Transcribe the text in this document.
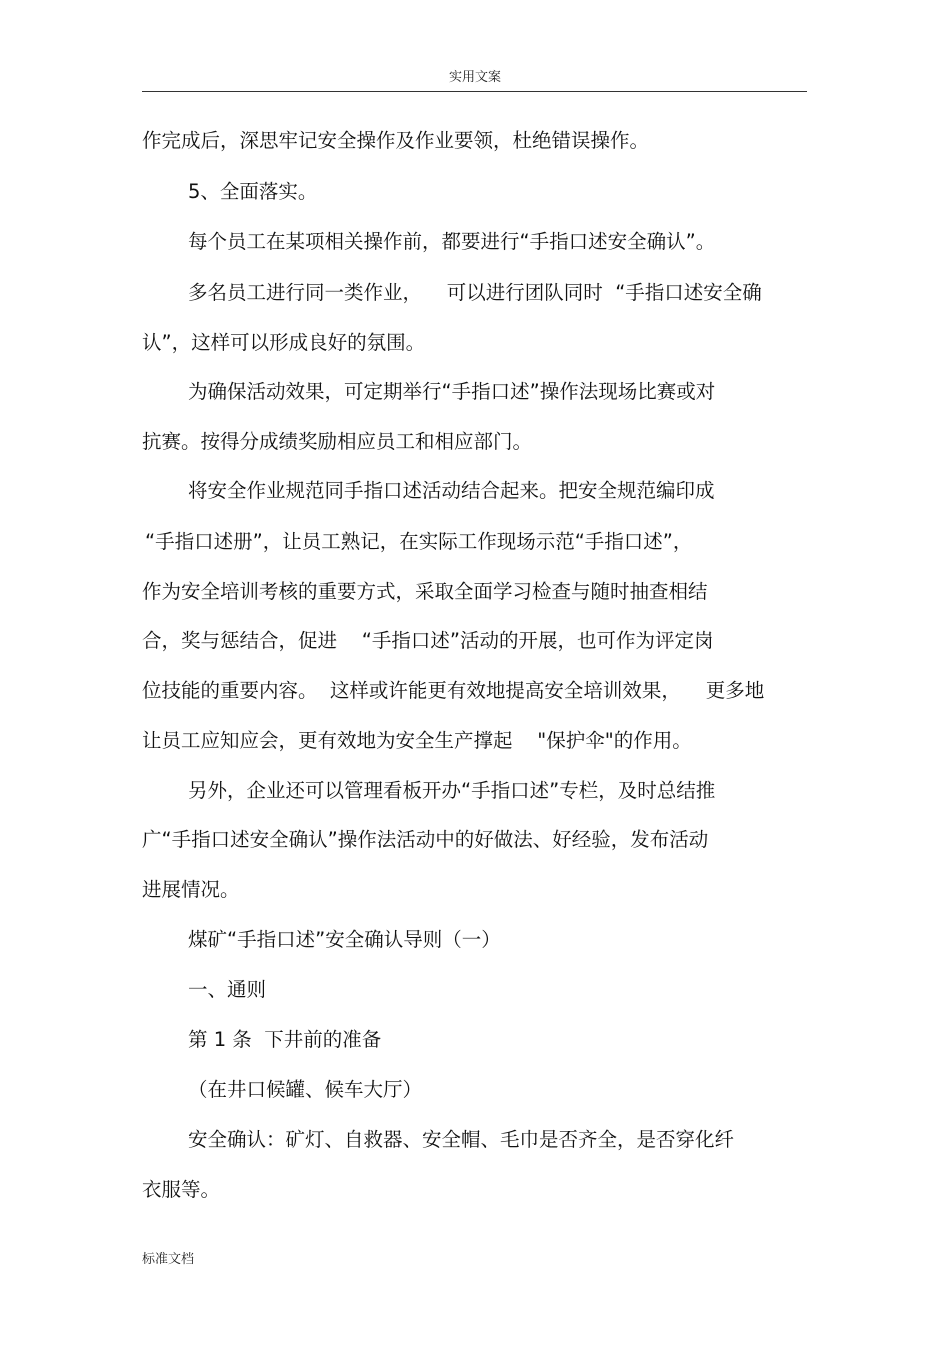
实用文案
作完成后，深思牢记安全操作及作业要领，杜绝错误操作。
5、全面落实。
每个员工在某项相关操作前，都要进行“手指口述安全确认”。
多名员工进行同一类作业，    可以进行团队同时  “手指口述安全确
认”，这样可以形成良好的氛围。
为确保活动效果，可定期举行“手指口述”操作法现场比赛或对
抗赛。按得分成绩奖励相应员工和相应部门。
将安全作业规范同手指口述活动结合起来。把安全规范编印成
“手指口述册”，让员工熟记，在实际工作现场示范“手指口述”，
作为安全培训考核的重要方式，采取全面学习检查与随时抽查相结
合，奖与惩结合，促进    “手指口述”活动的开展，也可作为评定岗
位技能的重要内容。  这样或许能更有效地提高安全培训效果，    更多地
让员工应知应会，更有效地为安全生产撑起    "保护伞"的作用。
另外，企业还可以管理看板开办“手指口述”专栏，及时总结推
广“手指口述安全确认”操作法活动中的好做法、好经验，发布活动
进展情况。
煤矿“手指口述”安全确认导则（一）
一、通则
第 1 条  下井前的准备
（在井口候罐、候车大厅）
安全确认：矿灯、自救器、安全帽、毛巾是否齐全，是否穿化纤
衣服等。
标准文档
